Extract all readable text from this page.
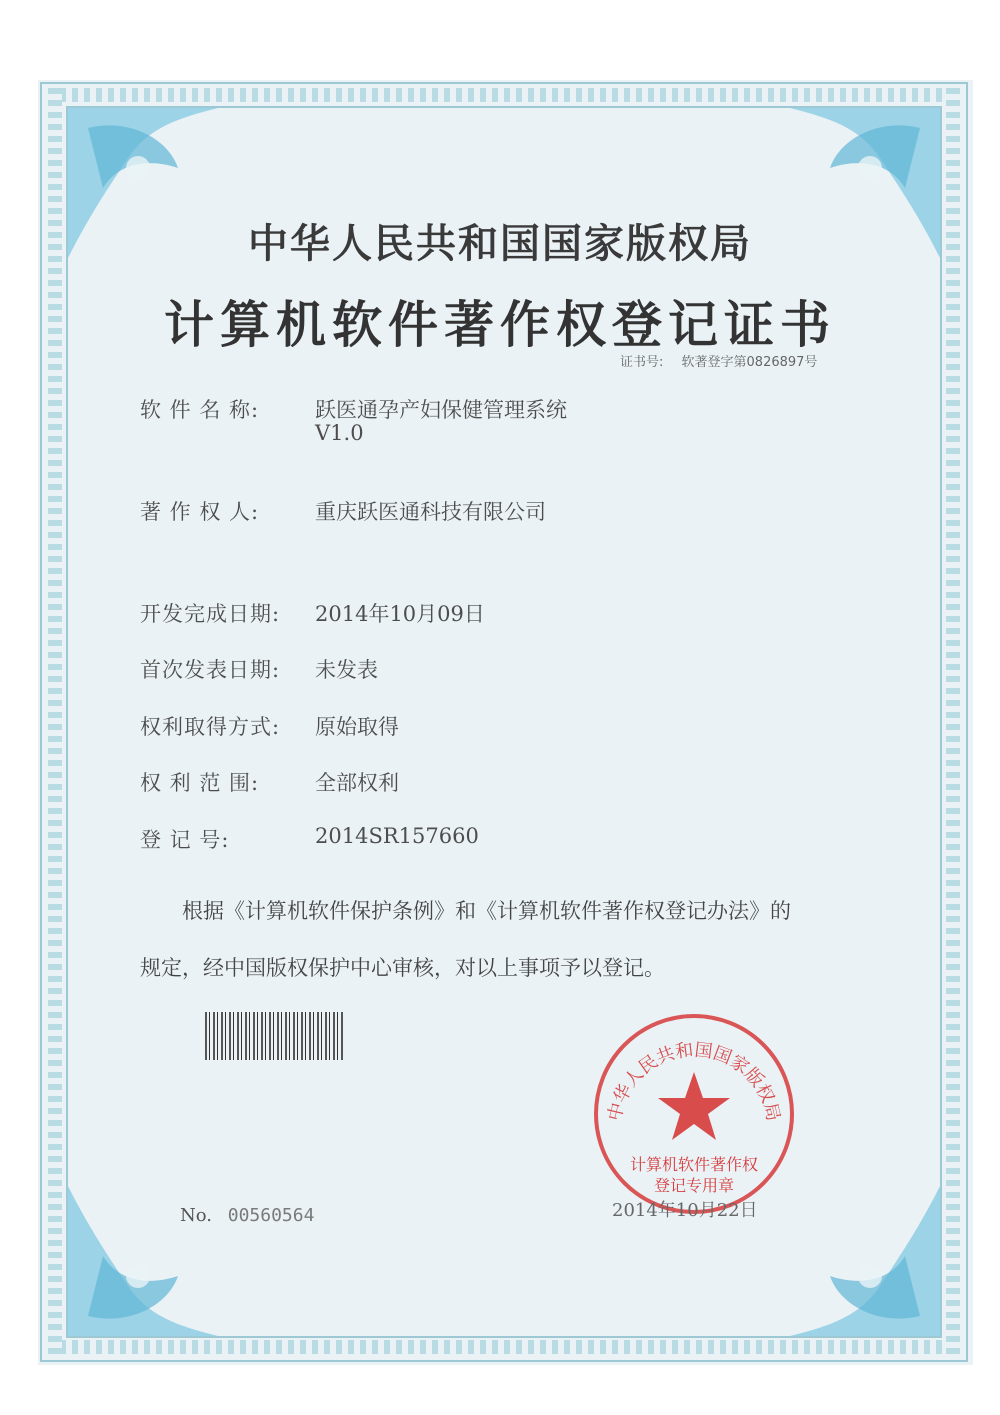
中华人民共和国国家版权局
计算机软件著作权登记证书
证书号: 软著登字第0826897号
软 件 名 称:	跃医通孕产妇保健管理系统
V1.0
著 作 权 人:	重庆跃医通科技有限公司
开发完成日期: 2014年10月09日
首次发表日期: 未发表
权利取得方式: 原始取得
权 利 范 围:	全部权利
登 记 号:	2014SR157660
根据《计算机软件保护条例》和《计算机软件著作权登记办法》的
规定，经中国版权保护中心审核，对以上事项予以登记。
No. 00560564
中华人民共和国国家版权局
计算机软件著作权
登记专用章
2014年10月22日
